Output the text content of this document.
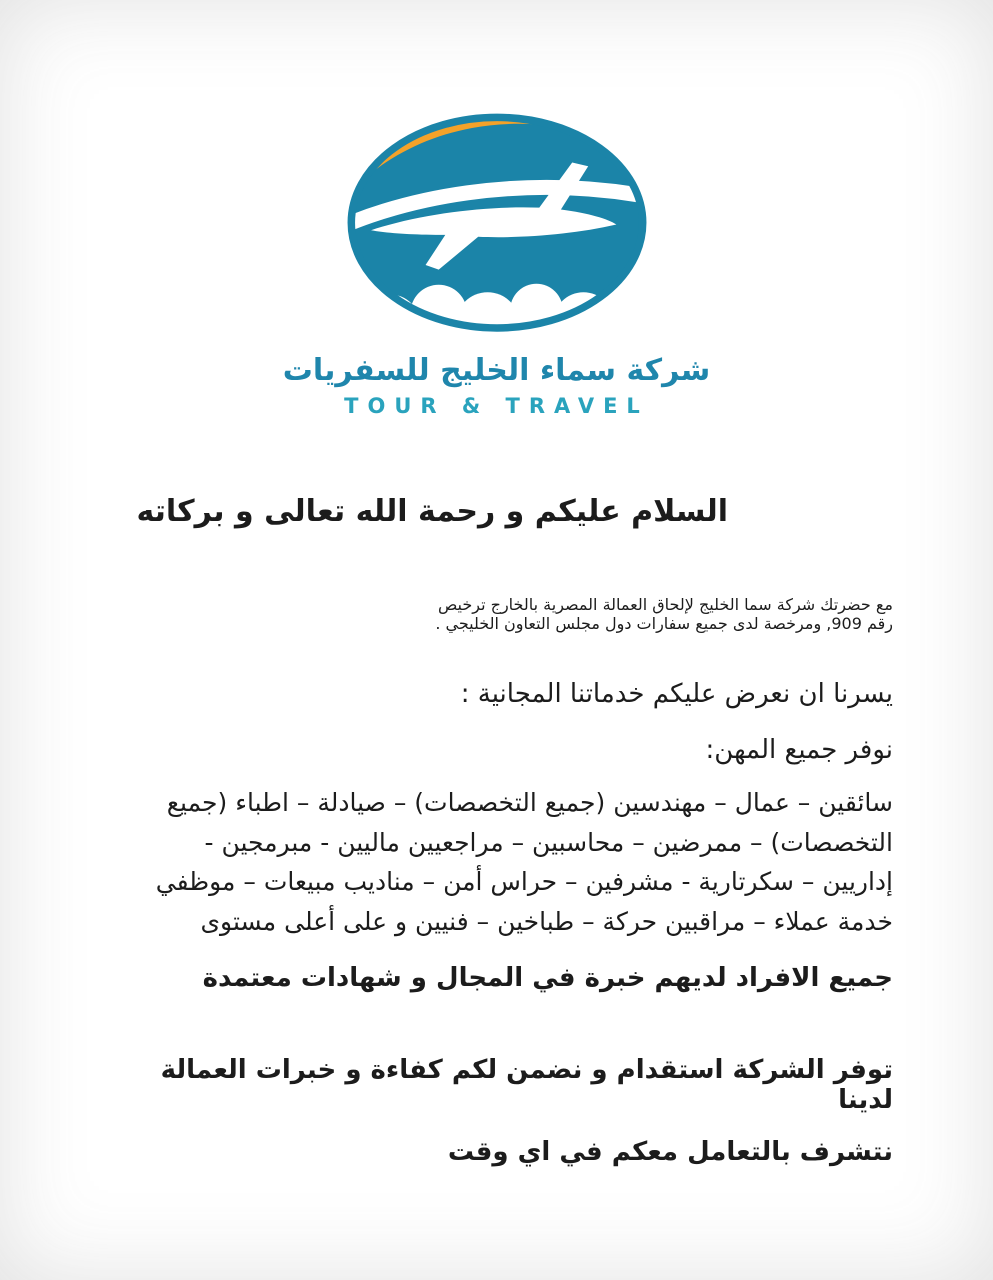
شركة سماء الخليج للسفريات
TOUR & TRAVEL

السلام عليكم و رحمة الله تعالى و بركاته

مع حضرتك شركة سما الخليج لإلحاق العمالة المصرية بالخارج ترخيص
رقم 909, ومرخصة لدى جميع سفارات دول مجلس التعاون الخليجي .

يسرنا ان نعرض عليكم خدماتنا المجانية :

نوفر جميع المهن:

سائقين – عمال – مهندسين (جميع التخصصات) – صيادلة – اطباء (جميع
التخصصات) – ممرضين – محاسبين – مراجعيين ماليين - مبرمجين -
إداريين – سكرتارية - مشرفين – حراس أمن – مناديب مبيعات – موظفي
خدمة عملاء – مراقبين حركة – طباخين – فنيين و على أعلى مستوى

جميع الافراد لديهم خبرة في المجال و شهادات معتمدة

توفر الشركة استقدام و نضمن لكم كفاءة و خبرات العمالة لدينا

نتشرف بالتعامل معكم في اي وقت
